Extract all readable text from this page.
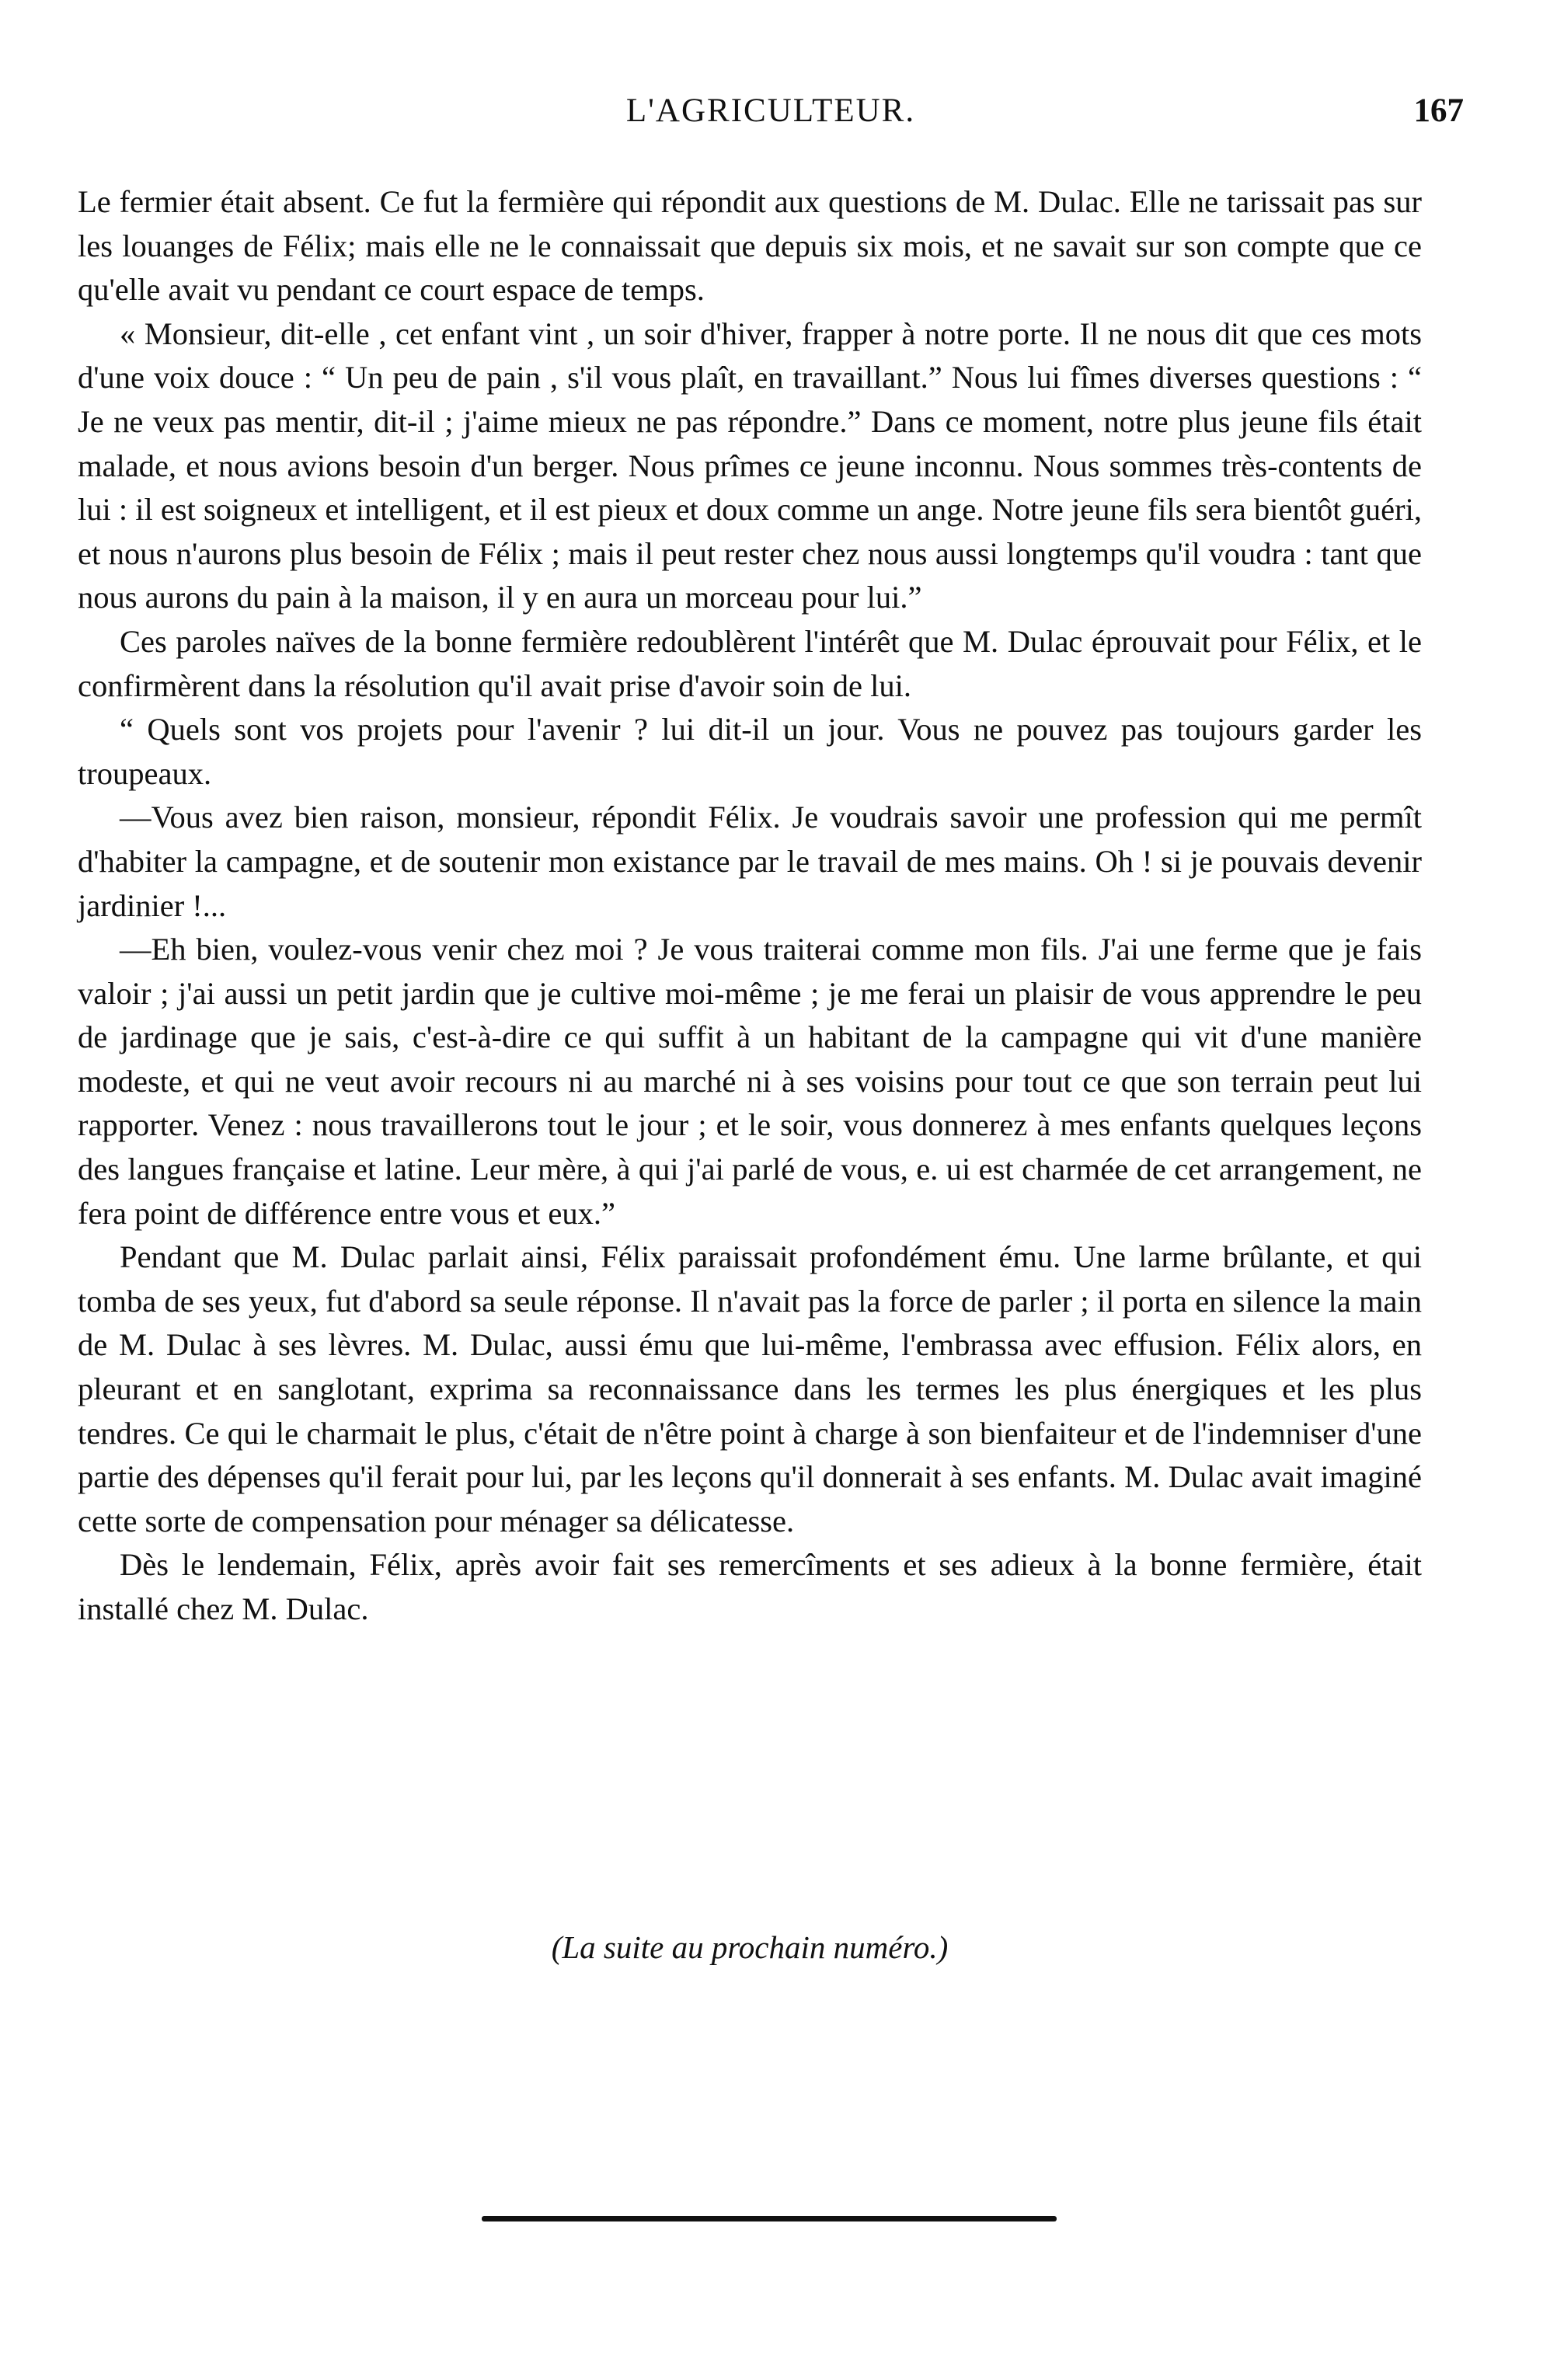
L'AGRICULTEUR.	167

Le fermier était absent. Ce fut la fermière qui répondit aux questions de M. Dulac. Elle ne tarissait pas sur les louanges de Félix; mais elle ne le connaissait que depuis six mois, et ne savait sur son compte que ce qu'elle avait vu pendant ce court espace de temps.

« Monsieur, dit-elle , cet enfant vint , un soir d'hiver, frapper à notre porte. Il ne nous dit que ces mots d'une voix douce : “ Un peu de pain , s'il vous plaît, en travaillant.” Nous lui fîmes diverses questions : “ Je ne veux pas mentir, dit-il ; j'aime mieux ne pas répondre.” Dans ce moment, notre plus jeune fils était malade, et nous avions besoin d'un berger. Nous prîmes ce jeune inconnu. Nous sommes très-contents de lui : il est soigneux et intelligent, et il est pieux et doux comme un ange. Notre jeune fils sera bientôt guéri, et nous n'aurons plus besoin de Félix ; mais il peut rester chez nous aussi longtemps qu'il voudra : tant que nous aurons du pain à la maison, il y en aura un morceau pour lui.”

Ces paroles naïves de la bonne fermière redoublèrent l'intérêt que M. Dulac éprouvait pour Félix, et le confirmèrent dans la résolution qu'il avait prise d'avoir soin de lui.

“ Quels sont vos projets pour l'avenir ? lui dit-il un jour. Vous ne pouvez pas toujours garder les troupeaux.

—Vous avez bien raison, monsieur, répondit Félix. Je voudrais savoir une profession qui me permît d'habiter la campagne, et de soutenir mon existance par le travail de mes mains. Oh ! si je pouvais devenir jardinier !...

—Eh bien, voulez-vous venir chez moi ? Je vous traiterai comme mon fils. J'ai une ferme que je fais valoir ; j'ai aussi un petit jardin que je cultive moi-même ; je me ferai un plaisir de vous apprendre le peu de jardinage que je sais, c'est-à-dire ce qui suffit à un habitant de la campagne qui vit d'une manière modeste, et qui ne veut avoir recours ni au marché ni à ses voisins pour tout ce que son terrain peut lui rapporter. Venez : nous travaillerons tout le jour ; et le soir, vous donnerez à mes enfants quelques leçons des langues française et latine. Leur mère, à qui j'ai parlé de vous, e. ui est charmée de cet arrangement, ne fera point de différence entre vous et eux.”

Pendant que M. Dulac parlait ainsi, Félix paraissait profondément ému. Une larme brûlante, et qui tomba de ses yeux, fut d'abord sa seule réponse. Il n'avait pas la force de parler ; il porta en silence la main de M. Dulac à ses lèvres. M. Dulac, aussi ému que lui-même, l'embrassa avec effusion. Félix alors, en pleurant et en sanglotant, exprima sa reconnaissance dans les termes les plus énergiques et les plus tendres. Ce qui le charmait le plus, c'était de n'être point à charge à son bienfaiteur et de l'indemniser d'une partie des dépenses qu'il ferait pour lui, par les leçons qu'il donnerait à ses enfants. M. Dulac avait imaginé cette sorte de compensation pour ménager sa délicatesse.

Dès le lendemain, Félix, après avoir fait ses remercîments et ses adieux à la bonne fermière, était installé chez M. Dulac.

(La suite au prochain numéro.)
